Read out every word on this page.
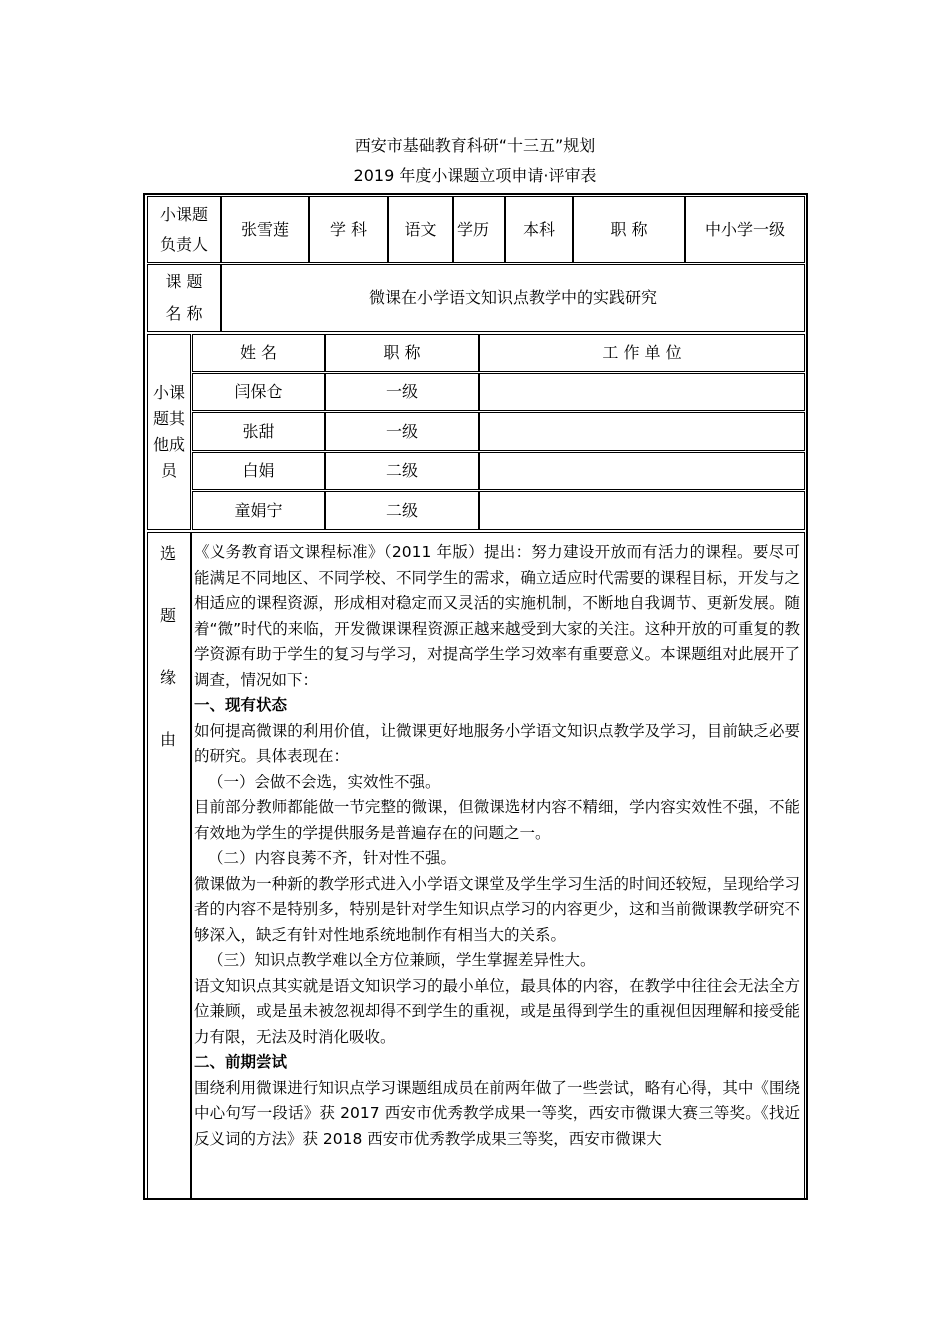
西安市基础教育科研“十三五”规划
2019 年度小课题立项申请·评审表
小课题负责人
张雪莲	学 科	语文	学历	本科	职 称	中小学一级
课 题
名 称
微课在小学语文知识点教学中的实践研究
小课题其他成员
姓 名	职 称	工 作 单 位
闫保仓	一级
张甜	一级
白娟	二级
童娟宁	二级
选
题
缘
由

《义务教育语文课程标准》（2011 年版）提出：努力建设开放而有活力的课程。要尽可能满足不同地区、不同学校、不同学生的需求，确立适应时代需要的课程目标，开发与之相适应的课程资源，形成相对稳定而又灵活的实施机制，不断地自我调节、更新发展。随着“微”时代的来临，开发微课课程资源正越来越受到大家的关注。这种开放的可重复的教学资源有助于学生的复习与学习，对提高学生学习效率有重要意义。本课题组对此展开了调查，情况如下：

一、现有状态

如何提高微课的利用价值，让微课更好地服务小学语文知识点教学及学习，目前缺乏必要的研究。具体表现在：

（一）会做不会选，实效性不强。

目前部分教师都能做一节完整的微课，但微课选材内容不精细，学内容实效性不强，不能有效地为学生的学提供服务是普遍存在的问题之一。

（二）内容良莠不齐，针对性不强。

微课做为一种新的教学形式进入小学语文课堂及学生学习生活的时间还较短，呈现给学习者的内容不是特别多，特别是针对学生知识点学习的内容更少，这和当前微课教学研究不够深入，缺乏有针对性地系统地制作有相当大的关系。

（三）知识点教学难以全方位兼顾，学生掌握差异性大。

语文知识点其实就是语文知识学习的最小单位，最具体的内容，在教学中往往会无法全方位兼顾，或是虽未被忽视却得不到学生的重视，或是虽得到学生的重视但因理解和接受能力有限，无法及时消化吸收。

二、前期尝试

围绕利用微课进行知识点学习课题组成员在前两年做了一些尝试，略有心得，其中《围绕中心句写一段话》获 2017 西安市优秀教学成果一等奖，西安市微课大赛三等奖。《找近反义词的方法》获 2018 西安市优秀教学成果三等奖，西安市微课大
